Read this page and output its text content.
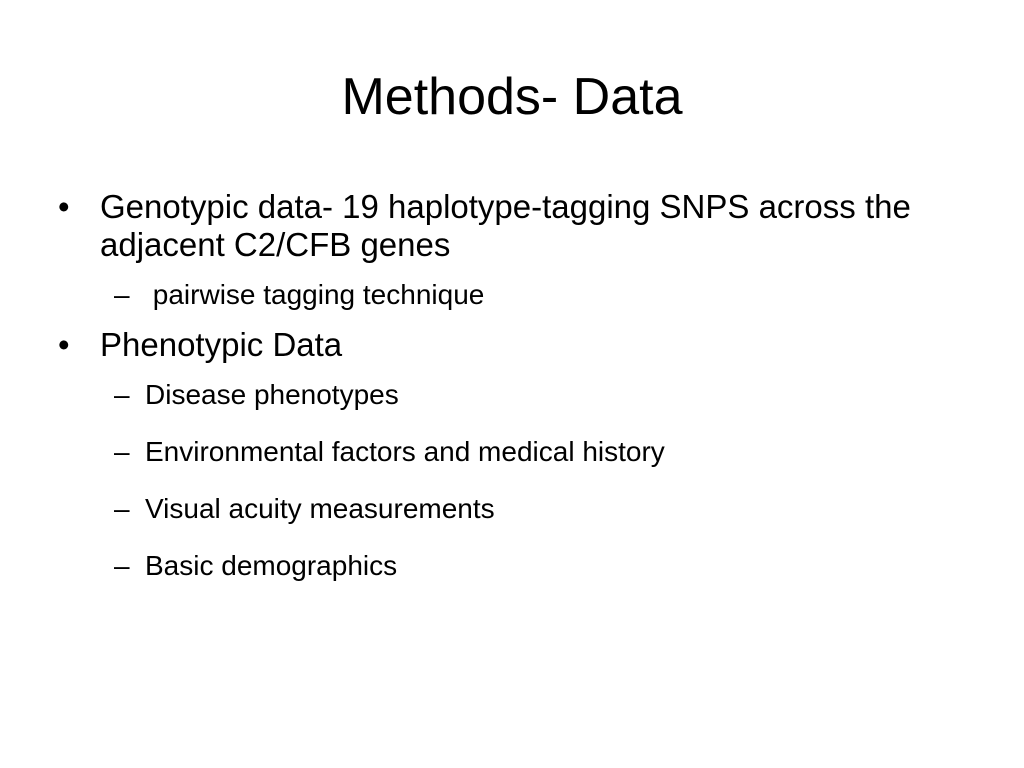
Methods- Data
• Genotypic data- 19 haplotype-tagging SNPS across the adjacent C2/CFB genes
– pairwise tagging technique
• Phenotypic Data
– Disease phenotypes
– Environmental factors and medical history
– Visual acuity measurements
– Basic demographics
